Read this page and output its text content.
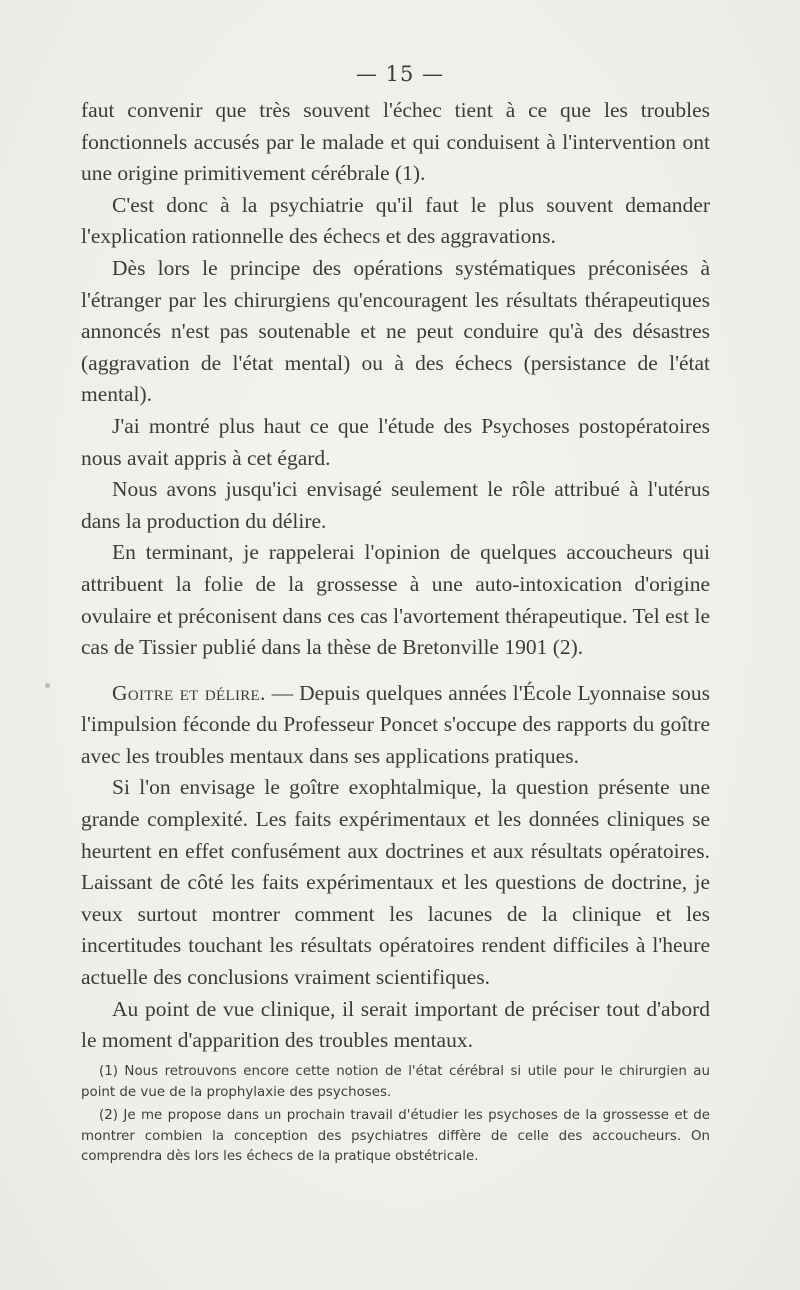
— 15 —

faut convenir que très souvent l'échec tient à ce que les troubles fonctionnels accusés par le malade et qui conduisent à l'intervention ont une origine primitivement cérébrale (1).

C'est donc à la psychiatrie qu'il faut le plus souvent demander l'explication rationnelle des échecs et des aggravations.

Dès lors le principe des opérations systématiques préconisées à l'étranger par les chirurgiens qu'encouragent les résultats thérapeutiques annoncés n'est pas soutenable et ne peut conduire qu'à des désastres (aggravation de l'état mental) ou à des échecs (persistance de l'état mental).

J'ai montré plus haut ce que l'étude des Psychoses postopératoires nous avait appris à cet égard.

Nous avons jusqu'ici envisagé seulement le rôle attribué à l'utérus dans la production du délire.

En terminant, je rappelerai l'opinion de quelques accoucheurs qui attribuent la folie de la grossesse à une auto-intoxication d'origine ovulaire et préconisent dans ces cas l'avortement thérapeutique. Tel est le cas de Tissier publié dans la thèse de Bretonville 1901 (2).

Goitre et délire. — Depuis quelques années l'École Lyonnaise sous l'impulsion féconde du Professeur Poncet s'occupe des rapports du goître avec les troubles mentaux dans ses applications pratiques.

Si l'on envisage le goître exophtalmique, la question présente une grande complexité. Les faits expérimentaux et les données cliniques se heurtent en effet confusément aux doctrines et aux résultats opératoires. Laissant de côté les faits expérimentaux et les questions de doctrine, je veux surtout montrer comment les lacunes de la clinique et les incertitudes touchant les résultats opératoires rendent difficiles à l'heure actuelle des conclusions vraiment scientifiques.

Au point de vue clinique, il serait important de préciser tout d'abord le moment d'apparition des troubles mentaux.

(1) Nous retrouvons encore cette notion de l'état cérébral si utile pour le chirurgien au point de vue de la prophylaxie des psychoses.

(2) Je me propose dans un prochain travail d'étudier les psychoses de la grossesse et de montrer combien la conception des psychiatres diffère de celle des accoucheurs. On comprendra dès lors les échecs de la pratique obstétricale.
